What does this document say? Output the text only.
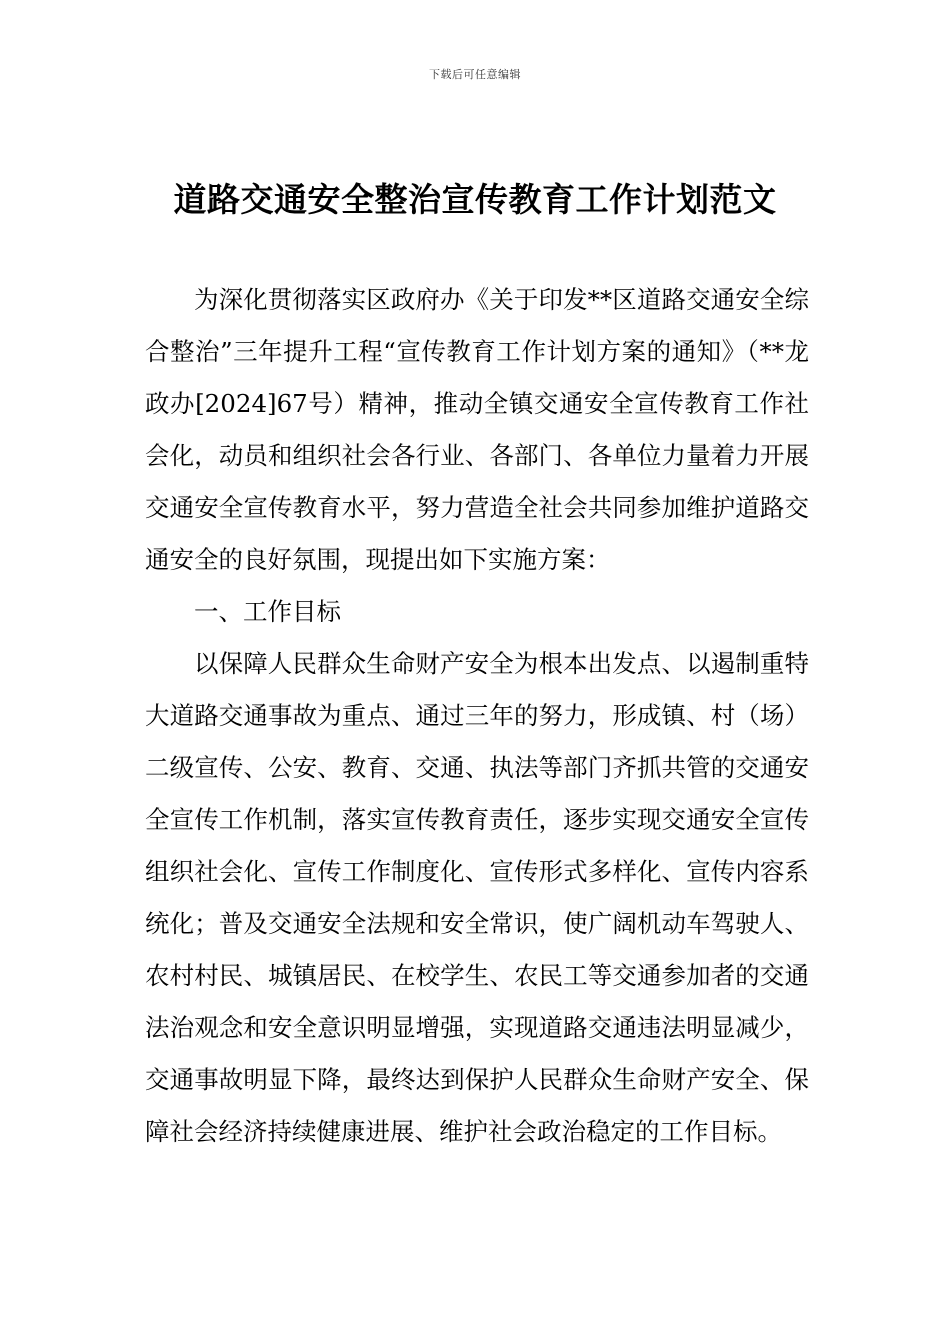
下载后可任意编辑
道路交通安全整治宣传教育工作计划范文

为深化贯彻落实区政府办《关于印发**区道路交通安全综合整治”三年提升工程“宣传教育工作计划方案的通知》（**龙政办[2024]67号）精神，推动全镇交通安全宣传教育工作社会化，动员和组织社会各行业、各部门、各单位力量着力开展交通安全宣传教育水平，努力营造全社会共同参加维护道路交通安全的良好氛围，现提出如下实施方案：

一、工作目标

以保障人民群众生命财产安全为根本出发点、以遏制重特大道路交通事故为重点、通过三年的努力，形成镇、村（场）二级宣传、公安、教育、交通、执法等部门齐抓共管的交通安全宣传工作机制，落实宣传教育责任，逐步实现交通安全宣传组织社会化、宣传工作制度化、宣传形式多样化、宣传内容系统化；普及交通安全法规和安全常识，使广阔机动车驾驶人、农村村民、城镇居民、在校学生、农民工等交通参加者的交通法治观念和安全意识明显增强，实现道路交通违法明显减少，交通事故明显下降，最终达到保护人民群众生命财产安全、保障社会经济持续健康进展、维护社会政治稳定的工作目标。
